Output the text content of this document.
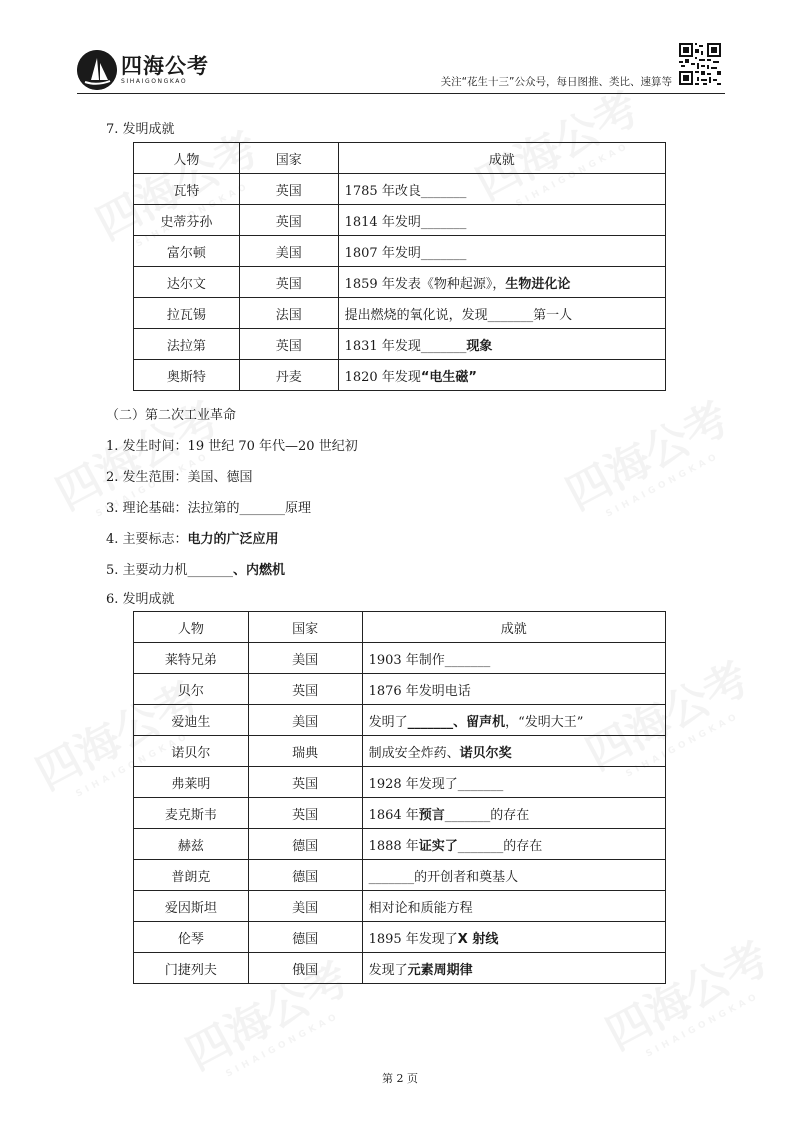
四海公考
SIHAIGONGKAO	关注“花生十三”公众号，每日图推、类比、速算等
7. 发明成就
人物	国家	成就
瓦特	英国	1785 年改良_______
史蒂芬孙	英国	1814 年发明_______
富尔顿	美国	1807 年发明_______
达尔文	英国	1859 年发表《物种起源》，生物进化论
拉瓦锡	法国	提出燃烧的氧化说，发现_______第一人
法拉第	英国	1831 年发现_______现象
奥斯特	丹麦	1820 年发现“电生磁”
（二）第二次工业革命
1. 发生时间：19 世纪 70 年代—20 世纪初
2. 发生范围：美国、德国
3. 理论基础：法拉第的_______原理
4. 主要标志：电力的广泛应用
5. 主要动力机_______、内燃机
6. 发明成就
人物	国家	成就
莱特兄弟	美国	1903 年制作_______
贝尔	英国	1876 年发明电话
爱迪生	美国	发明了_______、留声机，“发明大王”
诺贝尔	瑞典	制成安全炸药、诺贝尔奖
弗莱明	英国	1928 年发现了_______
麦克斯韦	英国	1864 年预言_______的存在
赫兹	德国	1888 年证实了_______的存在
普朗克	德国	_______的开创者和奠基人
爱因斯坦	美国	相对论和质能方程
伦琴	德国	1895 年发现了X 射线
门捷列夫	俄国	发现了元素周期律
第 2 页
